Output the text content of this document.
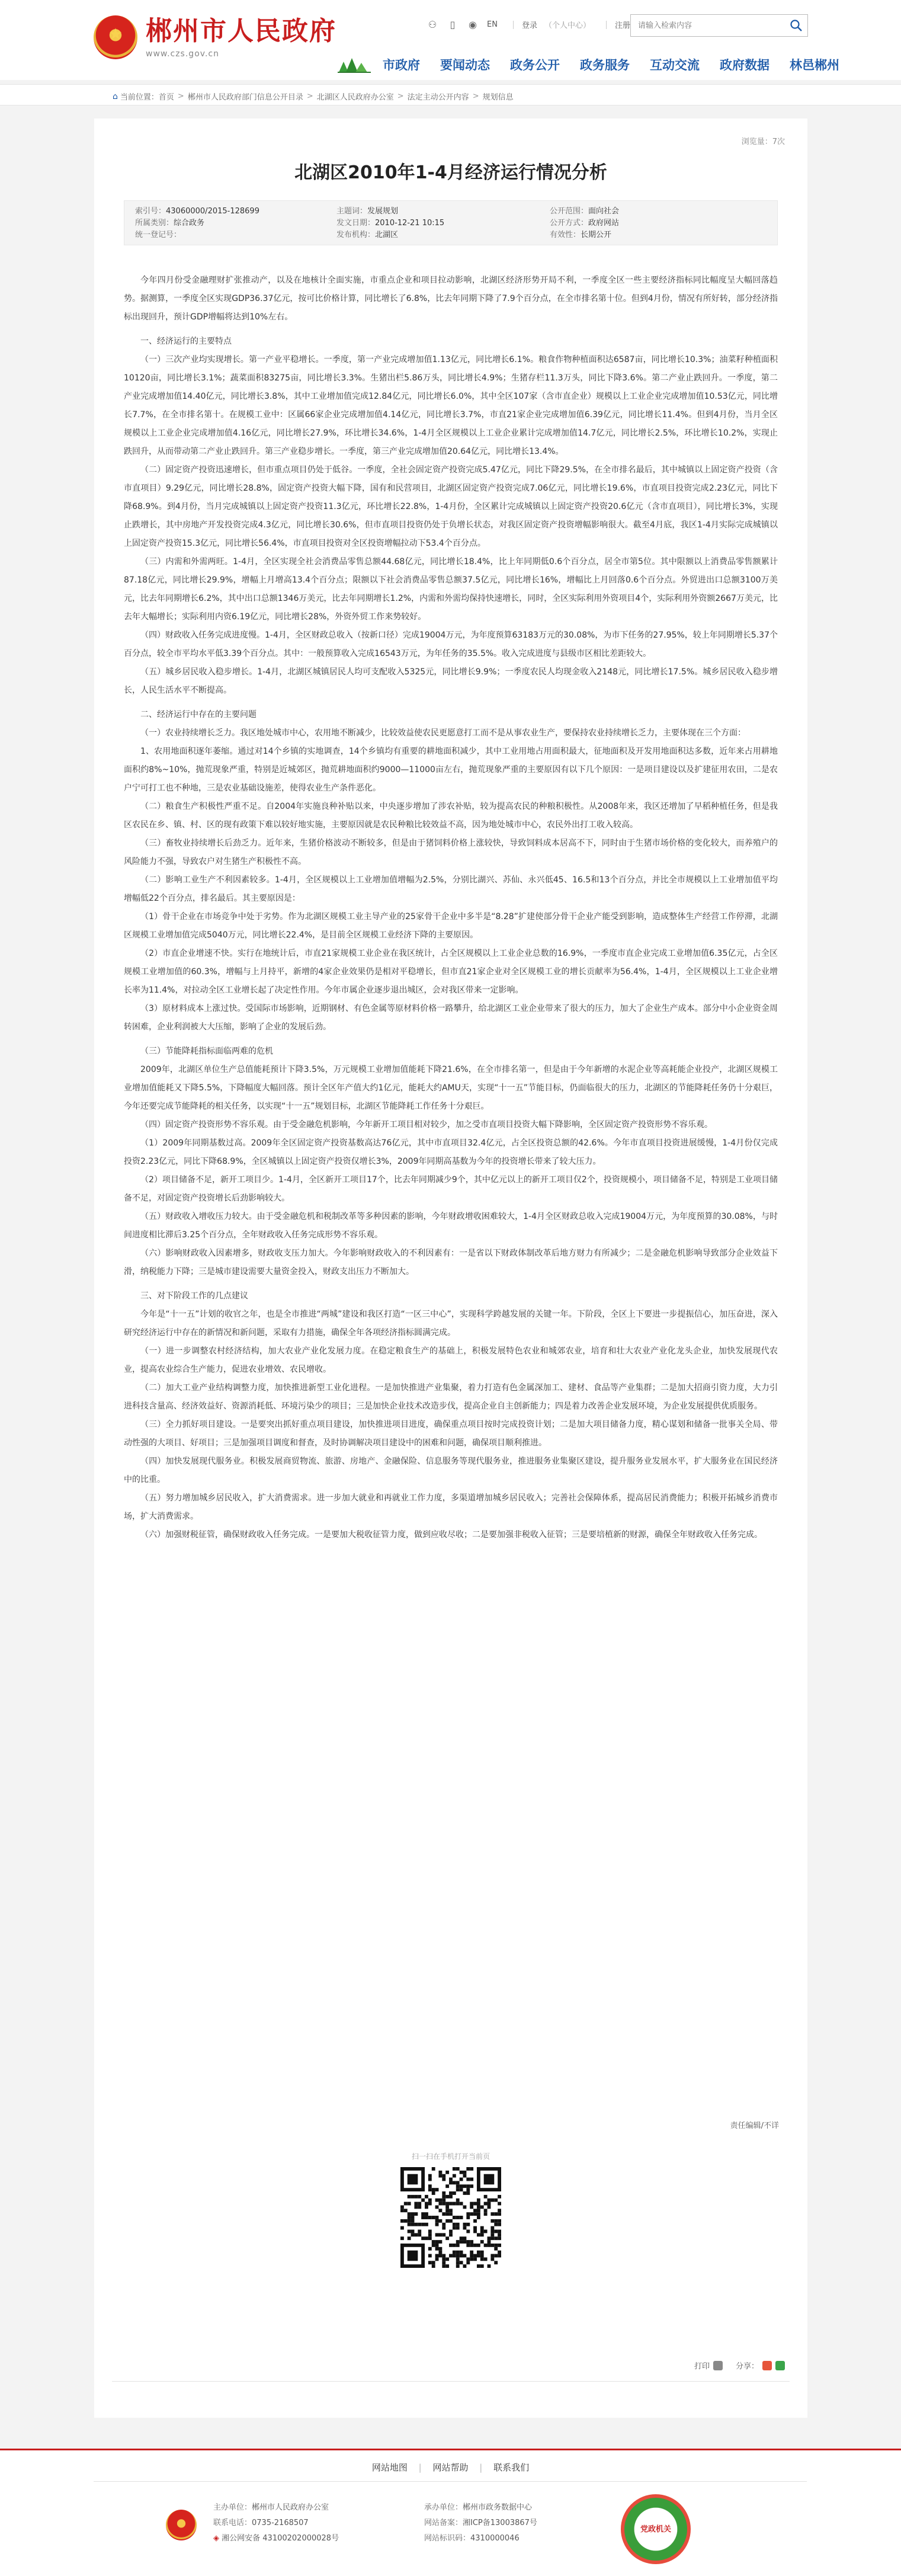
★
郴州市人民政府
www.czs.gov.cn
⚇	▯	◉ EN	登录 （个人中心）	注册
请输入检索内容
市政府 要闻动态 政务公开 政务服务 互动交流 政府数据 林邑郴州
⌂ 当前位置： 首页 > 郴州市人民政府部门信息公开目录 > 北湖区人民政府办公室 > 法定主动公开内容 > 规划信息
浏览量：7次
北湖区2010年1-4月经济运行情况分析
索引号：43060000/2015-128699	主题词：发展规划	公开范围：面向社会
所属类别：综合政务	发文日期：2010-12-21 10:15	公开方式：政府网站
统一登记号：	发布机构：北湖区	有效性：长期公开

今年四月份受金融理财扩张推动产，以及在地核计全面实施，市重点企业和项目拉动影响，北湖区经济形势开局不利，一季度全区一些主要经济指标同比幅度呈大幅回落趋势。据测算，一季度全区实现GDP36.37亿元，按可比价格计算，同比增长了6.8%，比去年同期下降了7.9个百分点，在全市排名第十位。但到4月份，情况有所好转，部分经济指标出现回升，预计GDP增幅将达到10%左右。

一、经济运行的主要特点

（一）三次产业均实现增长。第一产业平稳增长。一季度，第一产业完成增加值1.13亿元，同比增长6.1%。粮食作物种植面积达6587亩，同比增长10.3%；油菜籽种植面积10120亩，同比增长3.1%；蔬菜面积83275亩，同比增长3.3%。生猪出栏5.86万头，同比增长4.9%；生猪存栏11.3万头，同比下降3.6%。第二产业止跌回升。一季度，第二产业完成增加值14.40亿元，同比增长3.8%，其中工业增加值完成12.84亿元，同比增长6.0%，其中全区107家（含市直企业）规模以上工业企业完成增加值10.53亿元，同比增长7.7%，在全市排名第十。在规模工业中：区属66家企业完成增加值4.14亿元，同比增长3.7%，市直21家企业完成增加值6.39亿元，同比增长11.4%。但到4月份，当月全区规模以上工业企业完成增加值4.16亿元，同比增长27.9%，环比增长34.6%，1-4月全区规模以上工业企业累计完成增加值14.7亿元，同比增长2.5%，环比增长10.2%，实现止跌回升，从而带动第二产业止跌回升。第三产业稳步增长。一季度，第三产业完成增加值20.64亿元，同比增长13.4%。

（二）固定资产投资迅速增长，但市重点项目仍处于低谷。一季度，全社会固定资产投资完成5.47亿元，同比下降29.5%，在全市排名最后，其中城镇以上固定资产投资（含市直项目）9.29亿元，同比增长28.8%，固定资产投资大幅下降，国有和民营项目，北湖区固定资产投资完成7.06亿元，同比增长19.6%，市直项目投资完成2.23亿元，同比下降68.9%。到4月份，当月完成城镇以上固定资产投资11.3亿元，环比增长22.8%，1-4月份，全区累计完成城镇以上固定资产投资20.6亿元（含市直项目），同比增长3%，实现止跌增长，其中房地产开发投资完成4.3亿元，同比增长30.6%，但市直项目投资仍处于负增长状态，对我区固定资产投资增幅影响很大。截至4月底，我区1-4月实际完成城镇以上固定资产投资15.3亿元，同比增长56.4%，市直项目投资对全区投资增幅拉动下53.4个百分点。

（三）内需和外需两旺。1-4月，全区实现全社会消费品零售总额44.68亿元，同比增长18.4%，比上年同期低0.6个百分点，居全市第5位。其中限额以上消费品零售额累计87.18亿元，同比增长29.9%，增幅上月增高13.4个百分点；限额以下社会消费品零售总额37.5亿元，同比增长16%，增幅比上月回落0.6个百分点。外贸进出口总额3100万美元，比去年同期增长6.2%，其中出口总额1346万美元，比去年同期增长1.2%，内需和外需均保持快速增长，同时，全区实际利用外资项目4个，实际利用外资额2667万美元，比去年大幅增长；实际利用内资6.19亿元，同比增长28%，外资外贸工作来势较好。

（四）财政收入任务完成进度慢。1-4月，全区财政总收入（按新口径）完成19004万元，为年度预算63183万元的30.08%，为市下任务的27.95%，较上年同期增长5.37个百分点，较全市平均水平低3.39个百分点。其中：一般预算收入完成16543万元，为年任务的35.5%。收入完成进度与县级市区相比差距较大。

（五）城乡居民收入稳步增长。1-4月，北湖区城镇居民人均可支配收入5325元，同比增长9.9%；一季度农民人均现金收入2148元，同比增长17.5%。城乡居民收入稳步增长，人民生活水平不断提高。

二、经济运行中存在的主要问题

（一）农业持续增长乏力。我区地处城市中心，农用地不断减少，比较效益使农民更愿意打工而不是从事农业生产，要保持农业持续增长乏力，主要体现在三个方面：

1、农用地面积逐年萎缩。通过对14个乡镇的实地调查，14个乡镇均有重要的耕地面积减少，其中工业用地占用面积最大，征地面积及开发用地面积达多数，近年来占用耕地面积约8%~10%，抛荒现象严重，特别是近城郊区，抛荒耕地面积约9000—11000亩左右，抛荒现象严重的主要原因有以下几个原因：一是项目建设以及扩建征用农田，二是农户宁可打工也不种地，三是农业基础设施差，使得农业生产条件恶化。

（二）粮食生产积极性严重不足。自2004年实施良种补贴以来，中央逐步增加了涉农补贴，较为提高农民的种粮积极性。从2008年来，我区还增加了早稻种植任务，但是我区农民在乡、镇、村、区的现有政策下难以较好地实施，主要原因就是农民种粮比较效益不高，因为地处城市中心，农民外出打工收入较高。

（三）畜牧业持续增长后劲乏力。近年来，生猪价格波动不断较多，但是由于猪饲料价格上涨较快，导致饲料成本居高不下，同时由于生猪市场价格的变化较大，而养殖户的风险能力不强，导致农户对生猪生产积极性不高。

（二）影响工业生产不利因素较多。1-4月，全区规模以上工业增加值增幅为2.5%，分别比湖兴、苏仙、永兴低45、16.5和13个百分点，并比全市规模以上工业增加值平均增幅低22个百分点，排名最后。其主要原因是：

（1）骨干企业在市场竞争中处于劣势。作为北湖区规模工业主导产业的25家骨干企业中多半是“8.28”扩建使部分骨干企业产能受到影响，造成整体生产经营工作停滞，北湖区规模工业增加值完成5040万元，同比增长22.4%，是目前全区规模工业经济下降的主要原因。

（2）市直企业增速不快。实行在地统计后，市直21家规模工业企业在我区统计，占全区规模以上工业企业总数的16.9%，一季度市直企业完成工业增加值6.35亿元，占全区规模工业增加值的60.3%，增幅与上月持平，新增的4家企业效果仍是相对平稳增长，但市直21家企业对全区规模工业的增长贡献率为56.4%，1-4月，全区规模以上工业企业增长率为11.4%，对拉动全区工业增长起了决定性作用。今年市属企业逐步退出城区，会对我区带来一定影响。

（3）原材料成本上涨过快。受国际市场影响，近期钢材、有色金属等原材料价格一路攀升，给北湖区工业企业带来了很大的压力，加大了企业生产成本。部分中小企业资金周转困难，企业利润被大大压缩，影响了企业的发展后劲。

（三）节能降耗指标面临两难的危机

2009年，北湖区单位生产总值能耗预计下降3.5%，万元规模工业增加值能耗下降21.6%，在全市排名第一，但是由于今年新增的水泥企业等高耗能企业投产，北湖区规模工业增加值能耗又下降5.5%，下降幅度大幅回落。预计全区年产值大约1亿元，能耗大约AMU天，实现“十一五”节能目标，仍面临很大的压力，北湖区的节能降耗任务仍十分艰巨，今年还要完成节能降耗的相关任务，以实现“十一五”规划目标，北湖区节能降耗工作任务十分艰巨。

（四）固定资产投资形势不容乐观。由于受金融危机影响，今年新开工项目相对较少，加之受市直项目投资大幅下降影响，全区固定资产投资形势不容乐观。

（1）2009年同期基数过高。2009年全区固定资产投资基数高达76亿元，其中市直项目32.4亿元，占全区投资总额的42.6%。今年市直项目投资进展缓慢，1-4月份仅完成投资2.23亿元，同比下降68.9%，全区城镇以上固定资产投资仅增长3%，2009年同期高基数为今年的投资增长带来了较大压力。

（2）项目储备不足，新开工项目少。1-4月，全区新开工项目17个，比去年同期减少9个，其中亿元以上的新开工项目仅2个，投资规模小，项目储备不足，特别是工业项目储备不足，对固定资产投资增长后劲影响较大。

（五）财政收入增收压力较大。由于受金融危机和税制改革等多种因素的影响，今年财政增收困难较大，1-4月全区财政总收入完成19004万元，为年度预算的30.08%，与时间进度相比滞后3.25个百分点，全年财政收入任务完成形势不容乐观。

（六）影响财政收入因素增多，财政收支压力加大。今年影响财政收入的不利因素有：一是省以下财政体制改革后地方财力有所减少；二是金融危机影响导致部分企业效益下滑，纳税能力下降；三是城市建设需要大量资金投入，财政支出压力不断加大。

三、对下阶段工作的几点建议

今年是“十一五”计划的收官之年，也是全市推进“两城”建设和我区打造“一区三中心”，实现科学跨越发展的关键一年。下阶段，全区上下要进一步提振信心，加压奋进，深入研究经济运行中存在的新情况和新问题，采取有力措施，确保全年各项经济指标圆满完成。

（一）进一步调整农村经济结构，加大农业产业化发展力度。在稳定粮食生产的基础上，积极发展特色农业和城郊农业，培育和壮大农业产业化龙头企业，加快发展现代农业，提高农业综合生产能力，促进农业增效、农民增收。

（二）加大工业产业结构调整力度，加快推进新型工业化进程。一是加快推进产业集聚，着力打造有色金属深加工、建材、食品等产业集群；二是加大招商引资力度，大力引进科技含量高、经济效益好、资源消耗低、环境污染少的项目；三是加快企业技术改造步伐，提高企业自主创新能力；四是着力改善企业发展环境，为企业发展提供优质服务。

（三）全力抓好项目建设。一是要突出抓好重点项目建设，加快推进项目进度，确保重点项目按时完成投资计划；二是加大项目储备力度，精心谋划和储备一批事关全局、带动性强的大项目、好项目；三是加强项目调度和督查，及时协调解决项目建设中的困难和问题，确保项目顺利推进。

（四）加快发展现代服务业。积极发展商贸物流、旅游、房地产、金融保险、信息服务等现代服务业，推进服务业集聚区建设，提升服务业发展水平，扩大服务业在国民经济中的比重。

（五）努力增加城乡居民收入，扩大消费需求。进一步加大就业和再就业工作力度，多渠道增加城乡居民收入；完善社会保障体系，提高居民消费能力；积极开拓城乡消费市场，扩大消费需求。

（六）加强财税征管，确保财政收入任务完成。一是要加大税收征管力度，做到应收尽收；二是要加强非税收入征管；三是要培植新的财源，确保全年财政收入任务完成。

责任编辑/不详
扫一扫在手机打开当前页
打印	分享：
网站地图 | 网站帮助 | 联系我们
主办单位：郴州市人民政府办公室
联系电话：0735-2168507
◈ 湘公网安备 43100202000028号
承办单位：郴州市政务数据中心
网站备案：湘ICP备13003867号
网站标识码：4310000046
党政机关
